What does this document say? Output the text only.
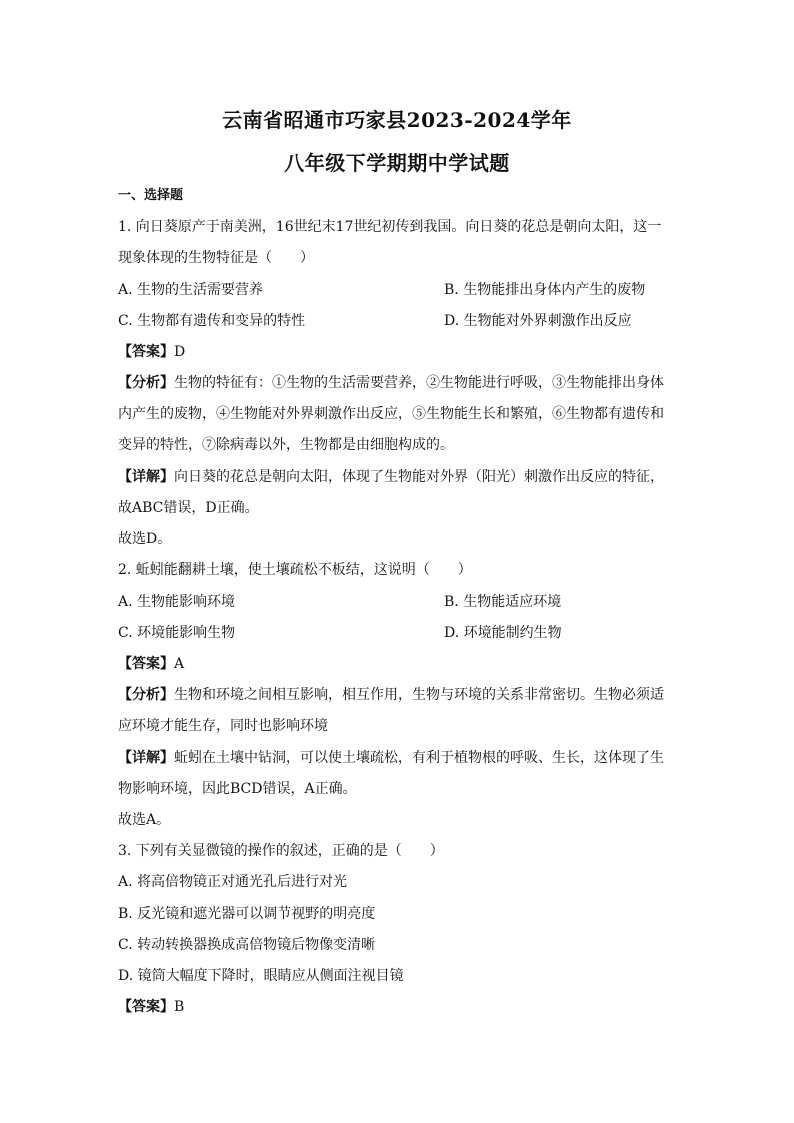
云南省昭通市巧家县2023-2024学年
八年级下学期期中学试题
一、选择题
1. 向日葵原产于南美洲，16世纪末17世纪初传到我国。向日葵的花总是朝向太阳，这一
现象体现的生物特征是（　　）
A. 生物的生活需要营养	B. 生物能排出身体内产生的废物
C. 生物都有遗传和变异的特性	D. 生物能对外界刺激作出反应
【答案】D
【分析】生物的特征有：①生物的生活需要营养，②生物能进行呼吸，③生物能排出身体
内产生的废物，④生物能对外界刺激作出反应，⑤生物能生长和繁殖，⑥生物都有遗传和
变异的特性，⑦除病毒以外，生物都是由细胞构成的。
【详解】向日葵的花总是朝向太阳，体现了生物能对外界（阳光）刺激作出反应的特征，
故ABC错误，D正确。
故选D。
2. 蚯蚓能翻耕土壤，使土壤疏松不板结，这说明（　　）
A. 生物能影响环境	B. 生物能适应环境
C. 环境能影响生物	D. 环境能制约生物
【答案】A
【分析】生物和环境之间相互影响，相互作用，生物与环境的关系非常密切。生物必须适
应环境才能生存，同时也影响环境
【详解】蚯蚓在土壤中钻洞，可以使土壤疏松，有利于植物根的呼吸、生长，这体现了生
物影响环境，因此BCD错误，A正确。
故选A。
3. 下列有关显微镜的操作的叙述，正确的是（　　）
A. 将高倍物镜正对通光孔后进行对光
B. 反光镜和遮光器可以调节视野的明亮度
C. 转动转换器换成高倍物镜后物像变清晰
D. 镜筒大幅度下降时，眼睛应从侧面注视目镜
【答案】B
